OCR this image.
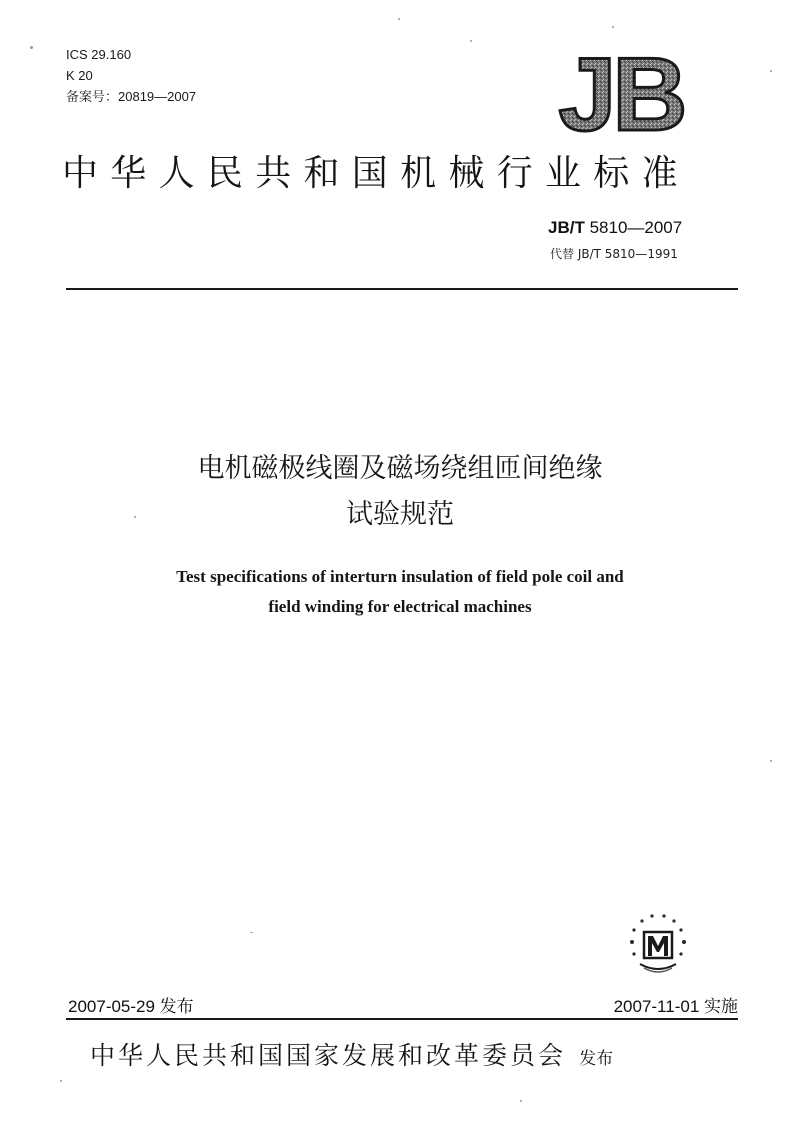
ICS 29.160
K 20
备案号：20819—2007	JB
中华人民共和国机械行业标准
JB/T 5810—2007
代替 JB/T 5810—1991
电机磁极线圈及磁场绕组匝间绝缘
试验规范
Test specifications of interturn insulation of field pole coil and
field winding for electrical machines
2007-05-29 发布	2007-11-01 实施
中华人民共和国国家发展和改革委员会 发布
